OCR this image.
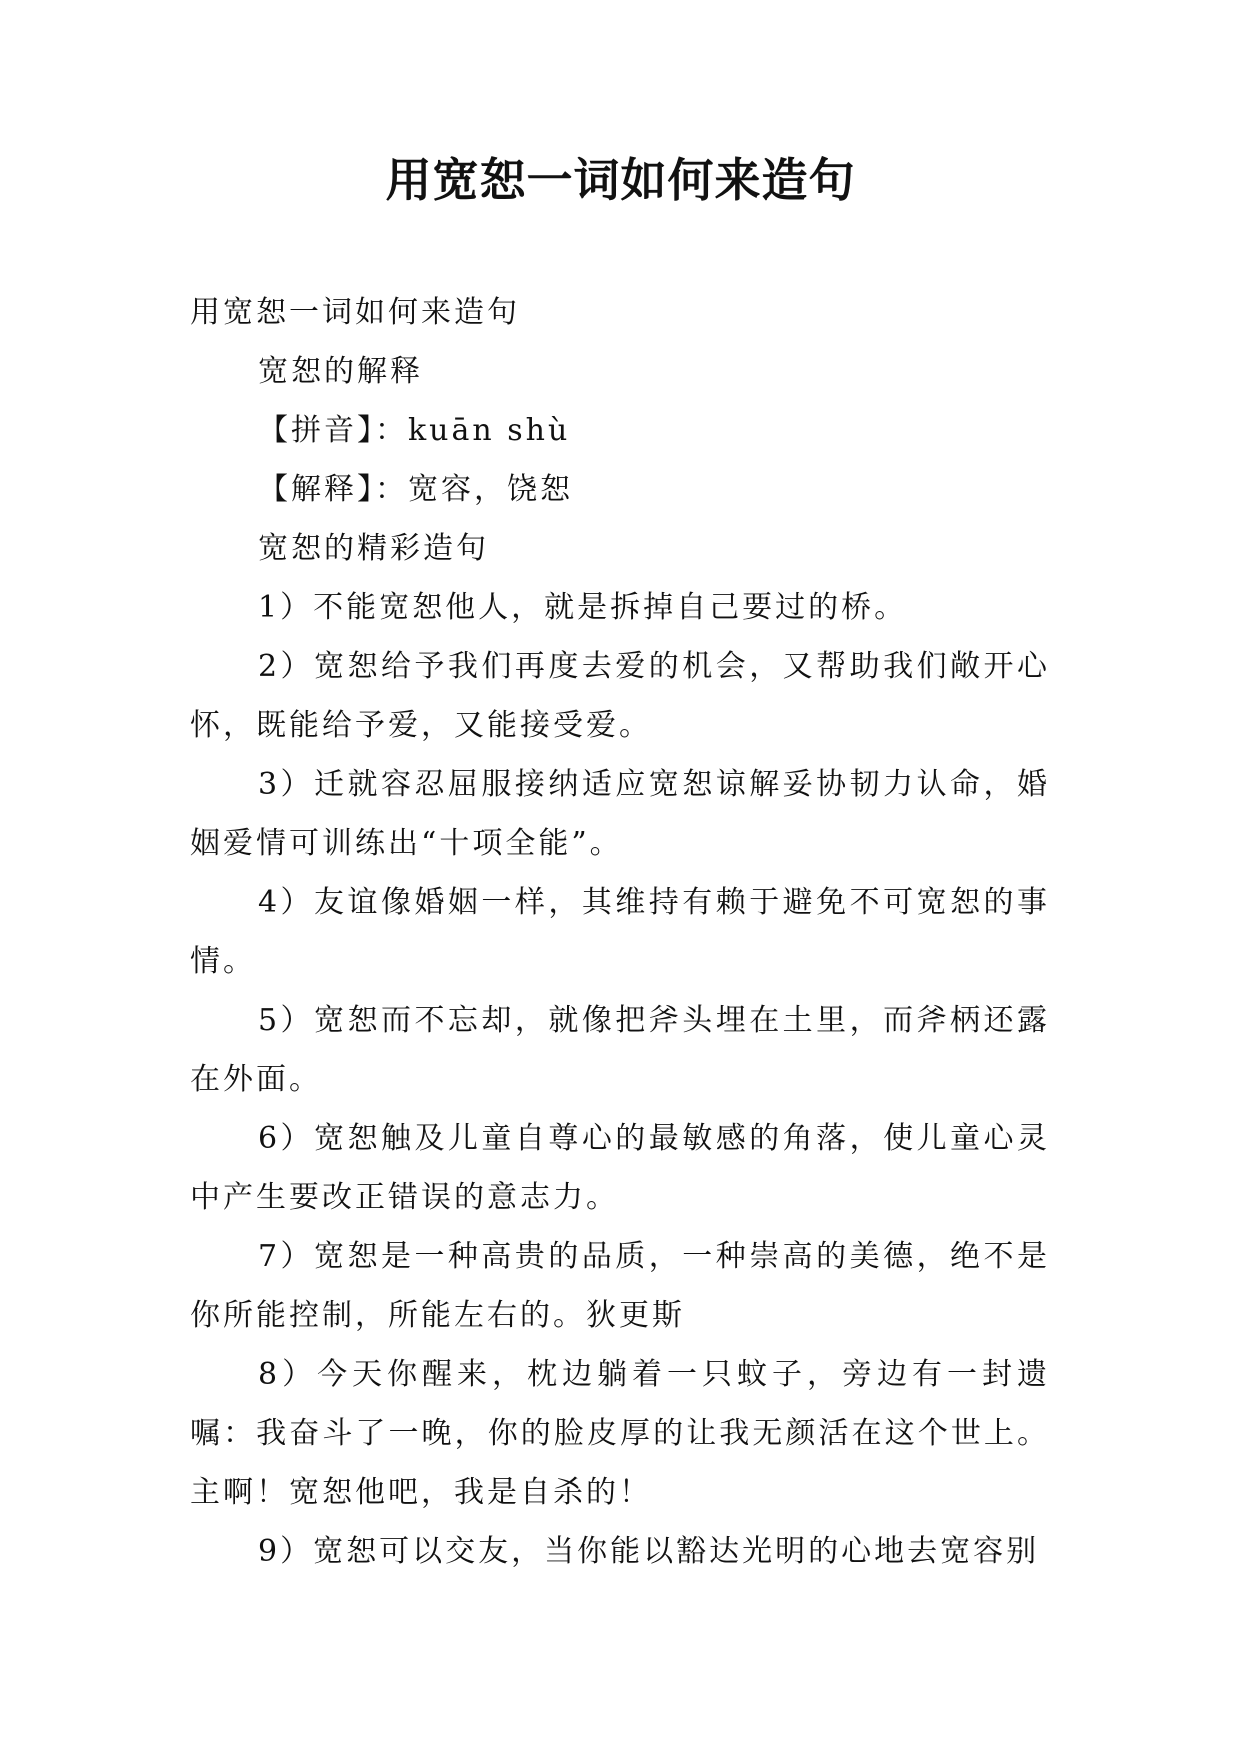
用宽恕一词如何来造句

用宽恕一词如何来造句

宽恕的解释

【拼音】：kuān shù

【解释】：宽容，饶恕

宽恕的精彩造句

1）不能宽恕他人，就是拆掉自己要过的桥。

2）宽恕给予我们再度去爱的机会，又帮助我们敞开心怀，既能给予爱，又能接受爱。

3）迁就容忍屈服接纳适应宽恕谅解妥协韧力认命，婚姻爱情可训练出“十项全能”。

4）友谊像婚姻一样，其维持有赖于避免不可宽恕的事情。

5）宽恕而不忘却，就像把斧头埋在土里，而斧柄还露在外面。

6）宽恕触及儿童自尊心的最敏感的角落，使儿童心灵中产生要改正错误的意志力。

7）宽恕是一种高贵的品质，一种崇高的美德，绝不是你所能控制，所能左右的。狄更斯

8）今天你醒来，枕边躺着一只蚊子，旁边有一封遗嘱：我奋斗了一晚，你的脸皮厚的让我无颜活在这个世上。主啊！宽恕他吧，我是自杀的！

9）宽恕可以交友，当你能以豁达光明的心地去宽容别
